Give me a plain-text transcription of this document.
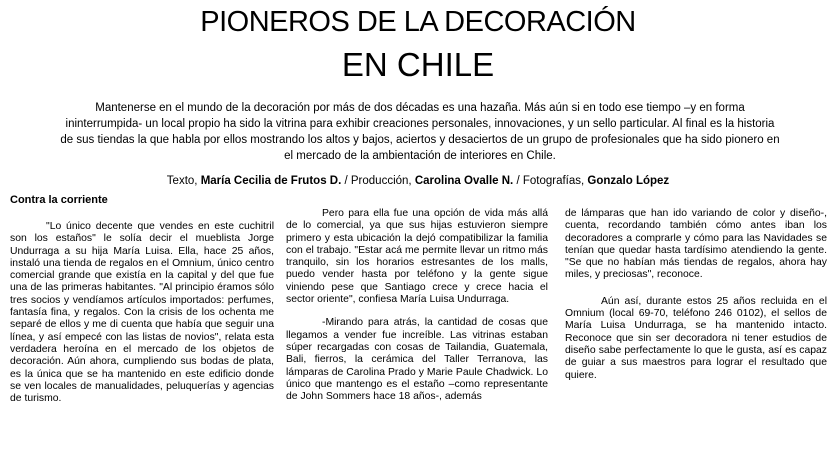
PIONEROS DE LA DECORACIÓN
EN CHILE
Mantenerse en el mundo de la decoración por más de dos décadas es una hazaña. Más aún si en todo ese tiempo –y en forma ininterrumpida- un local propio ha sido la vitrina para exhibir creaciones personales, innovaciones, y un sello particular. Al final es la historia de sus tiendas la que habla por ellos mostrando los altos y bajos, aciertos y desaciertos de un grupo de profesionales que ha sido pionero en el mercado de la ambientación de interiores en Chile.
Texto, María Cecilia de Frutos D. / Producción, Carolina Ovalle N. / Fotografías, Gonzalo López
Contra la corriente

"Lo único decente que vendes en este cuchitril son los estaños" le solía decir el mueblista Jorge Undurraga a su hija María Luisa. Ella, hace 25 años, instaló una tienda de regalos en el Omnium, único centro comercial grande que existía en la capital y del que fue una de las primeras habitantes. "Al principio éramos sólo tres socios y vendíamos artículos importados: perfumes, fantasía fina, y regalos. Con la crisis de los ochenta me separé de ellos y me di cuenta que había que seguir una línea, y así empecé con las listas de novios", relata esta verdadera heroína en el mercado de los objetos de decoración. Aún ahora, cumpliendo sus bodas de plata, es la única que se ha mantenido en este edificio donde se ven locales de manualidades, peluquerías y agencias de turismo.

Pero para ella fue una opción de vida más allá de lo comercial, ya que sus hijas estuvieron siempre primero y esta ubicación la dejó compatibilizar la familia con el trabajo. "Estar acá me permite llevar un ritmo más tranquilo, sin los horarios estresantes de los malls, puedo vender hasta por teléfono y la gente sigue viniendo pese que Santiago crece y crece hacia el sector oriente", confiesa María Luisa Undurraga.

-Mirando para atrás, la cantidad de cosas que llegamos a vender fue increíble. Las vitrinas estaban súper recargadas con cosas de Tailandia, Guatemala, Bali, fierros, la cerámica del Taller Terranova, las lámparas de Carolina Prado y Marie Paule Chadwick. Lo único que mantengo es el estaño –como representante de John Sommers hace 18 años-, además

de lámparas que han ido variando de color y diseño-, cuenta, recordando también cómo antes iban los decoradores a comprarle y cómo para las Navidades se tenían que quedar hasta tardísimo atendiendo la gente. "Se que no habían más tiendas de regalos, ahora hay miles, y preciosas", reconoce.

Aún así, durante estos 25 años recluida en el Omnium (local 69-70, teléfono 246 0102), el sellos de María Luisa Undurraga, se ha mantenido intacto. Reconoce que sin ser decoradora ni tener estudios de diseño sabe perfectamente lo que le gusta, así es capaz de guiar a sus maestros para lograr el resultado que quiere.
